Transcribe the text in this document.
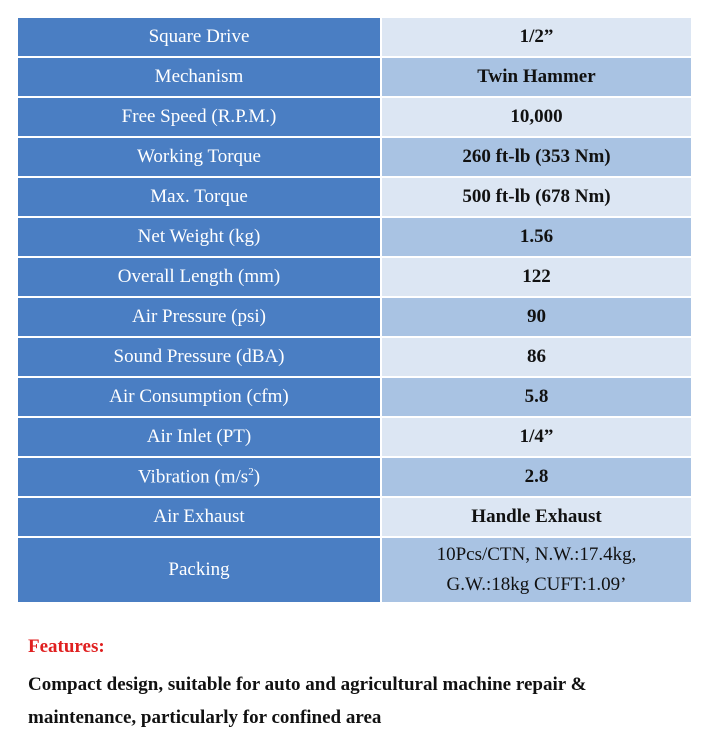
Square Drive	1/2”
Mechanism	Twin Hammer
Free Speed (R.P.M.)	10,000
Working Torque	260 ft-lb (353 Nm)
Max. Torque	500 ft-lb (678 Nm)
Net Weight (kg)	1.56
Overall Length (mm)	122
Air Pressure (psi)	90
Sound Pressure (dBA)	86
Air Consumption (cfm)	5.8
Air Inlet (PT)	1/4”
Vibration $(m/s^2)$	2.8
Air Exhaust	Handle Exhaust
Packing	10Pcs/CTN, N.W.:17.4kg,
G.W.:18kg CUFT:1.09’

Features:

Compact design, suitable for auto and agricultural machine repair & maintenance, particularly for confined area
